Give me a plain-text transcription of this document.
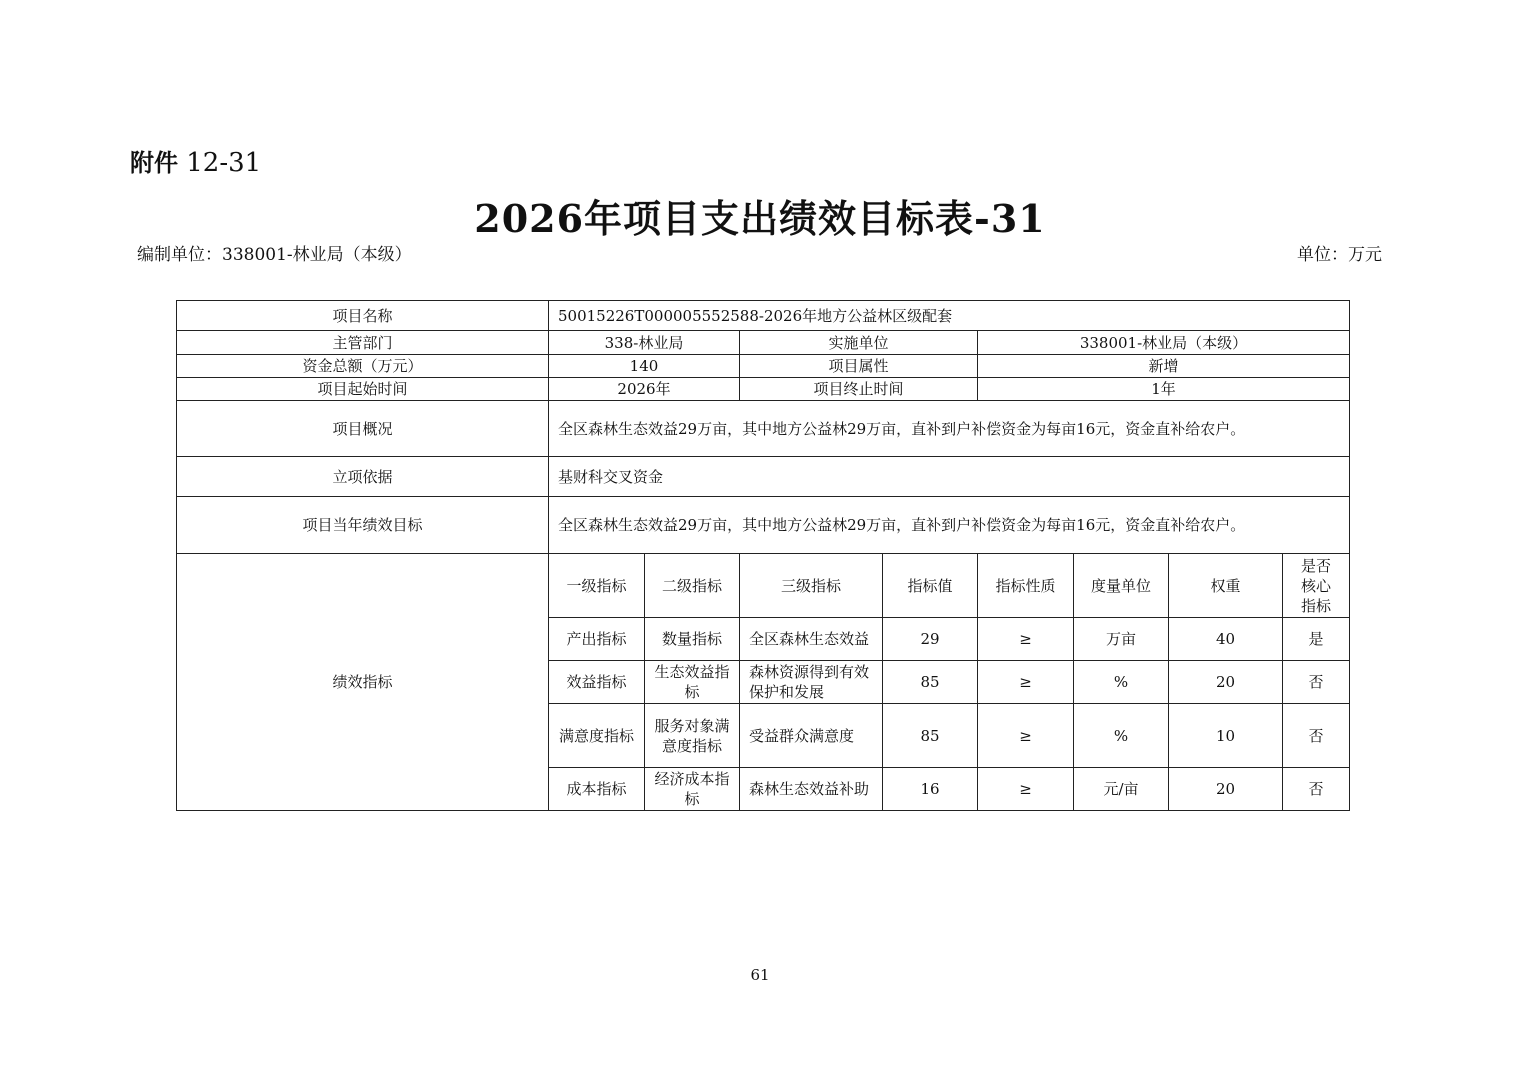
附件 12-31
2026年项目支出绩效目标表-31
编制单位：338001-林业局（本级）	单位：万元
项目名称	50015226T000005552588-2026年地方公益林区级配套							
主管部门	338-林业局		实施单位		338001-林业局（本级）			
资金总额（万元）	140		项目属性		新增			
项目起始时间	2026年		项目终止时间		1年			
项目概况	全区森林生态效益29万亩，其中地方公益林29万亩，直补到户补偿资金为每亩16元，资金直补给农户。							
立项依据	基财科交叉资金							
项目当年绩效目标	全区森林生态效益29万亩，其中地方公益林29万亩，直补到户补偿资金为每亩16元，资金直补给农户。							
绩效指标	一级指标	二级指标	三级指标	指标值	指标性质	度量单位	权重	是否核心指标
	产出指标	数量指标	全区森林生态效益	29	≥	万亩	40	是
	效益指标	生态效益指标	森林资源得到有效保护和发展	85	≥	%	20	否
	满意度指标	服务对象满意度指标	受益群众满意度	85	≥	%	10	否
	成本指标	经济成本指标	森林生态效益补助	16	≥	元/亩	20	否
61
